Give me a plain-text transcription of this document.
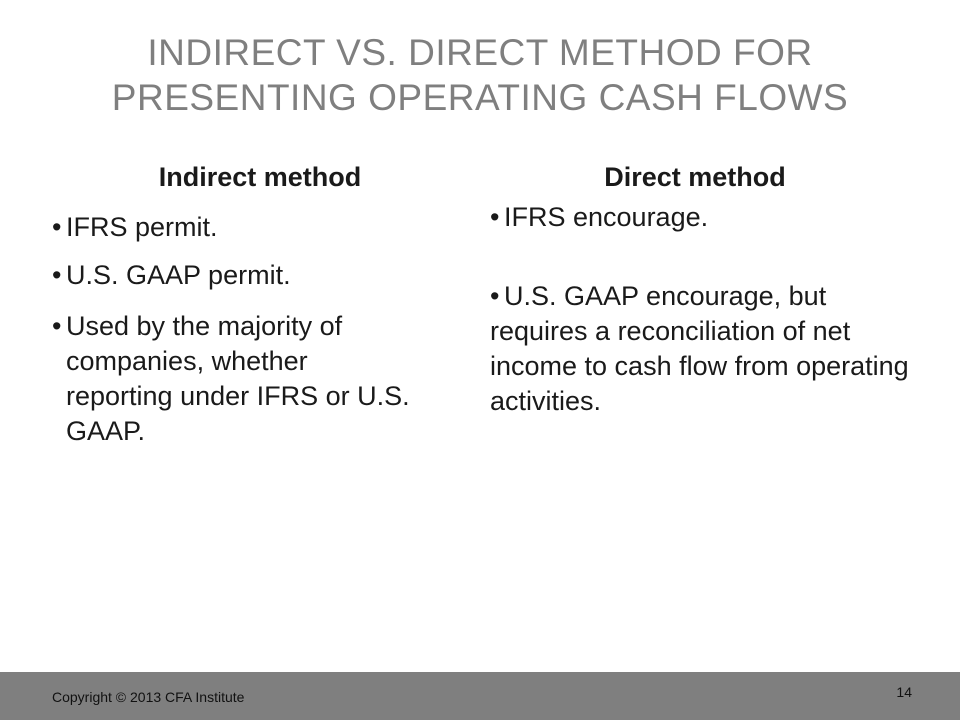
INDIRECT VS. DIRECT METHOD FOR
PRESENTING OPERATING CASH FLOWS
Indirect method
• IFRS permit.
• U.S. GAAP permit.
• Used by the majority of companies, whether reporting under IFRS or U.S. GAAP.
Direct method
• IFRS encourage.
• U.S. GAAP encourage, but requires a reconciliation of net income to cash flow from operating activities.
Copyright © 2013 CFA Institute	14
